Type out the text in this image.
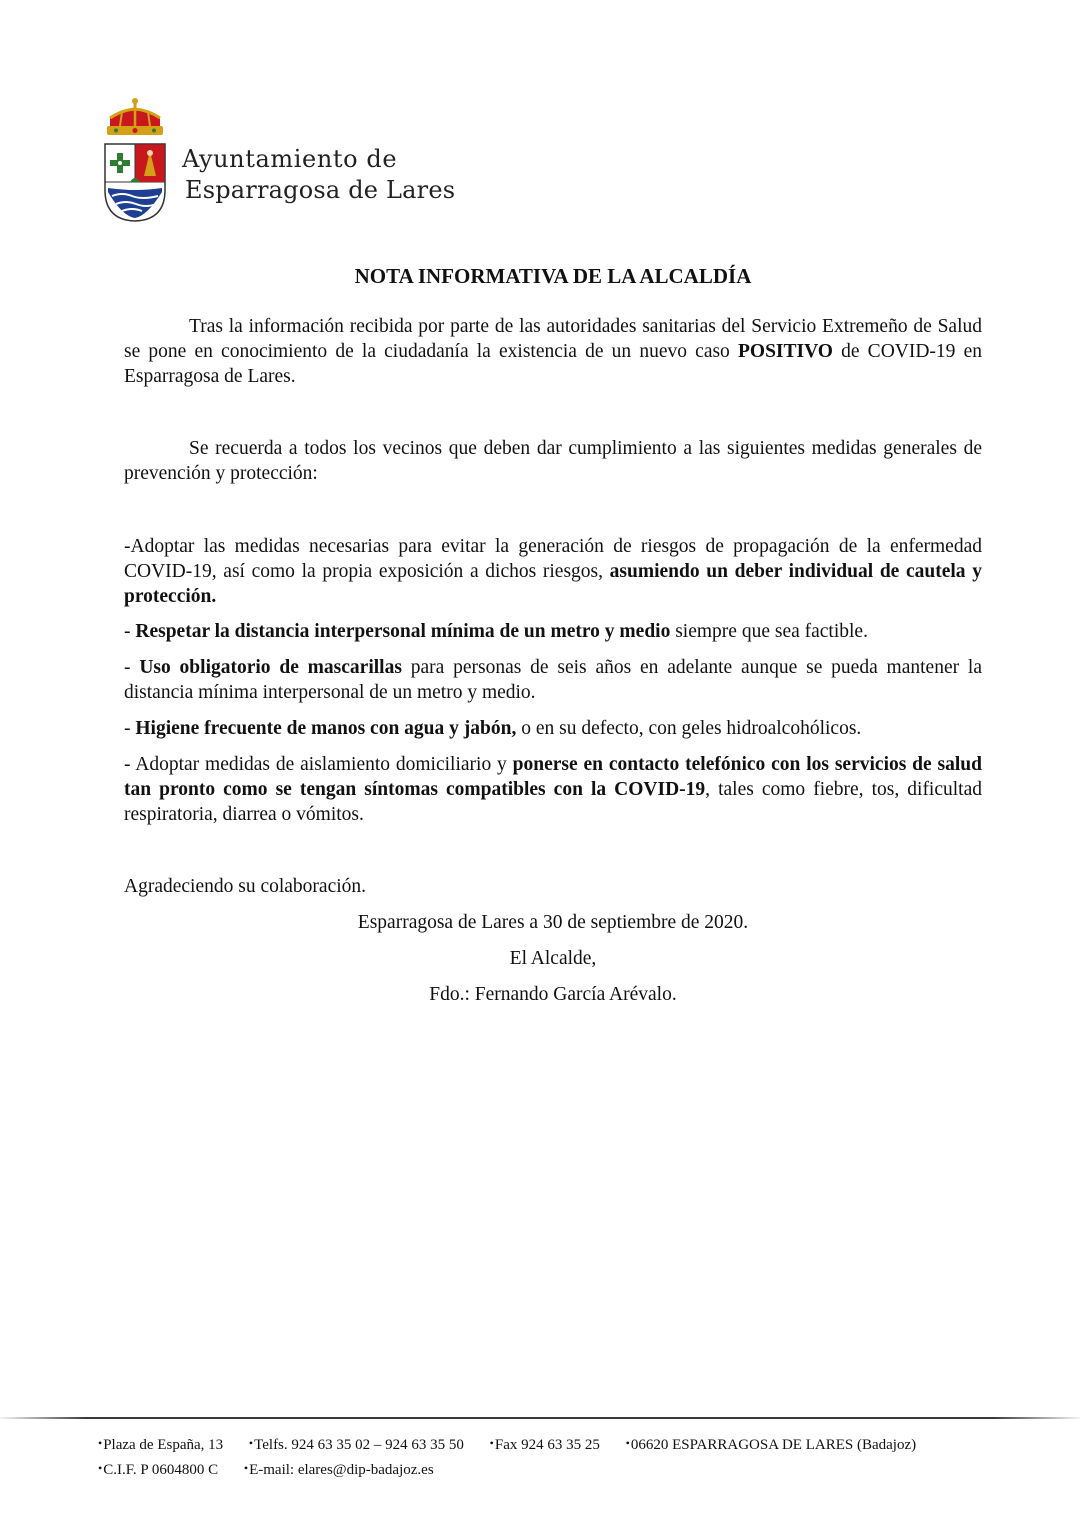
Ayuntamiento de
Esparragosa de Lares
NOTA INFORMATIVA DE LA ALCALDÍA

Tras la información recibida por parte de las autoridades sanitarias del Servicio Extremeño de Salud se pone en conocimiento de la ciudadanía la existencia de un nuevo caso POSITIVO de COVID-19 en Esparragosa de Lares.

Se recuerda a todos los vecinos que deben dar cumplimiento a las siguientes medidas generales de prevención y protección:

-Adoptar las medidas necesarias para evitar la generación de riesgos de propagación de la enfermedad COVID-19, así como la propia exposición a dichos riesgos, asumiendo un deber individual de cautela y protección.

- Respetar la distancia interpersonal mínima de un metro y medio siempre que sea factible.

- Uso obligatorio de mascarillas para personas de seis años en adelante aunque se pueda mantener la distancia mínima interpersonal de un metro y medio.

- Higiene frecuente de manos con agua y jabón, o en su defecto, con geles hidroalcohólicos.

- Adoptar medidas de aislamiento domiciliario y ponerse en contacto telefónico con los servicios de salud tan pronto como se tengan síntomas compatibles con la COVID-19, tales como fiebre, tos, dificultad respiratoria, diarrea o vómitos.

Agradeciendo su colaboración.

Esparragosa de Lares a 30 de septiembre de 2020.

El Alcalde,

Fdo.: Fernando García Arévalo.

•Plaza de España, 13 •Telfs. 924 63 35 02 – 924 63 35 50 •Fax 924 63 35 25 •06620 ESPARRAGOSA DE LARES (Badajoz)
•C.I.F. P 0604800 C •E-mail: elares@dip-badajoz.es
